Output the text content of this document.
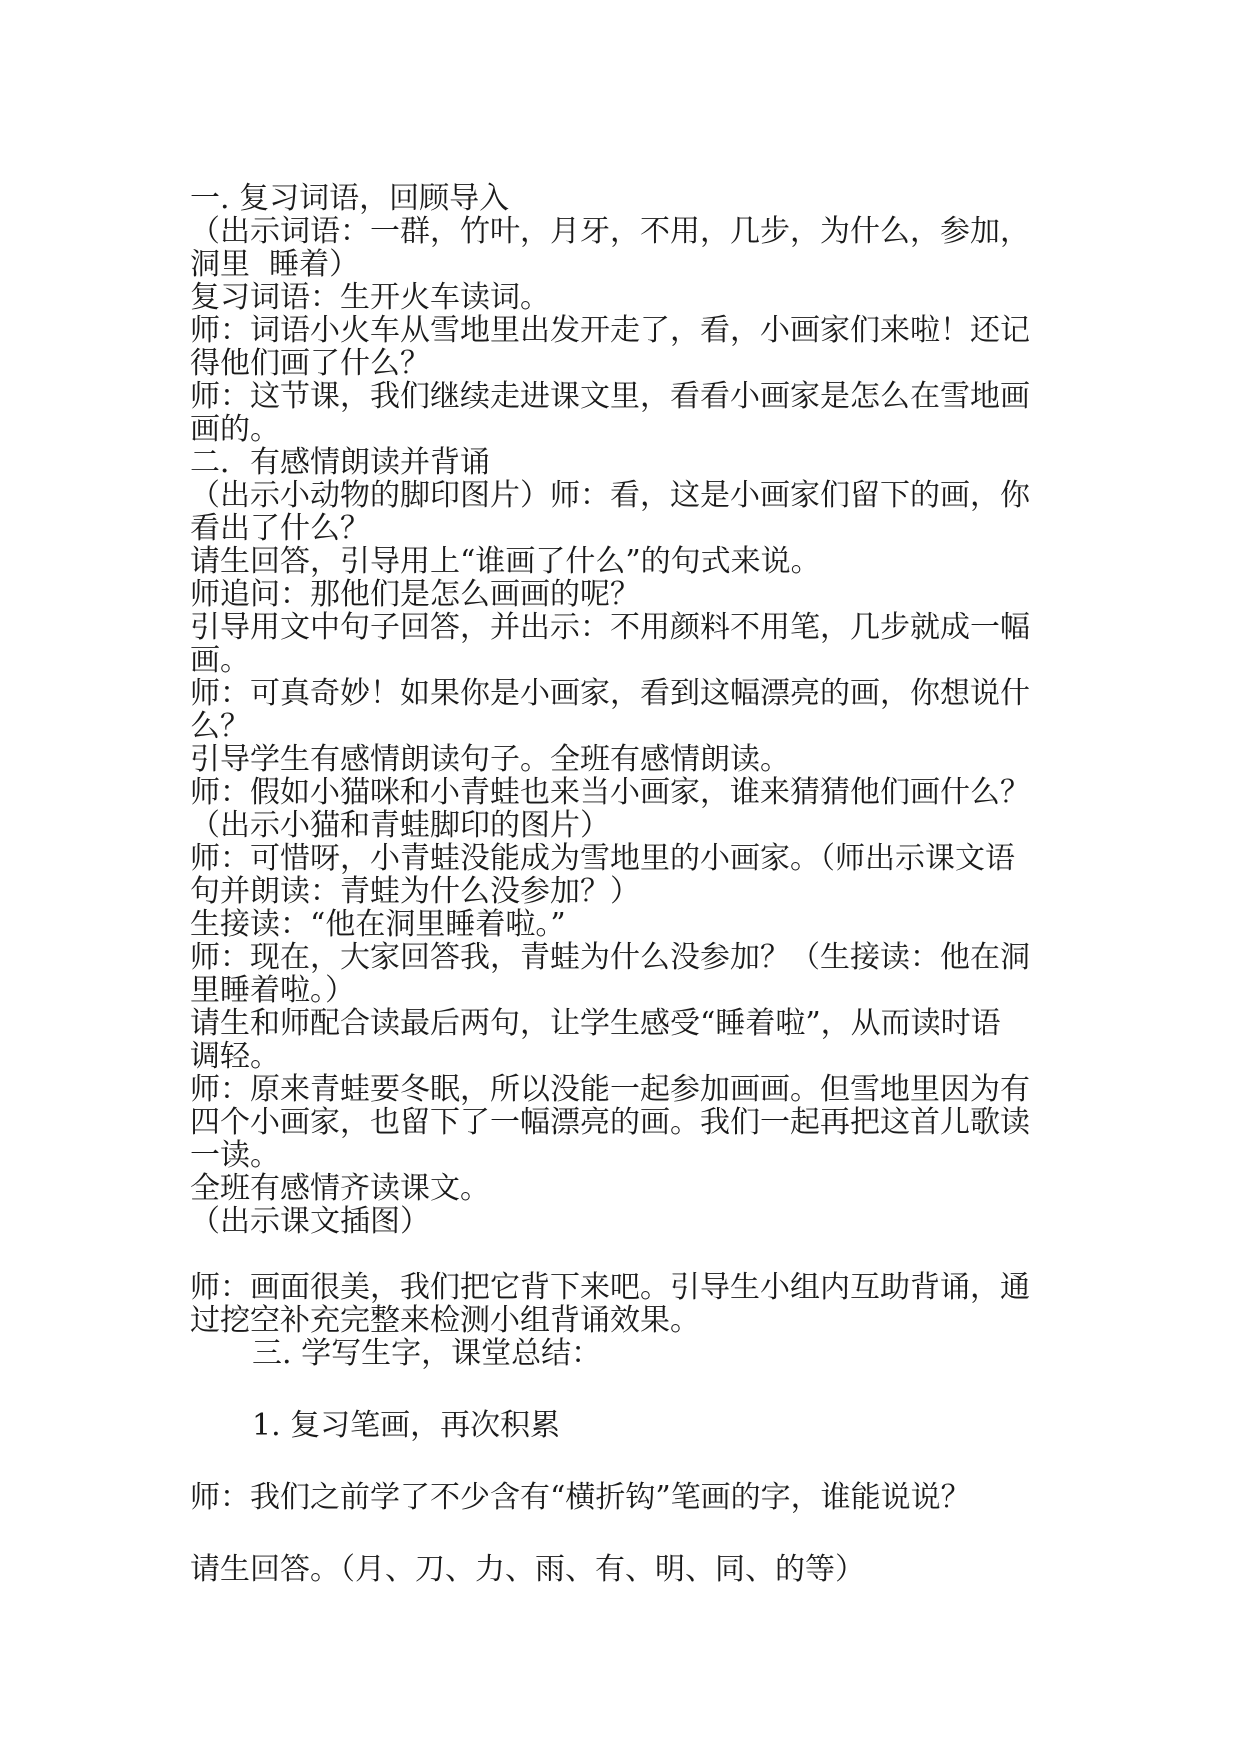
一. 复习词语，回顾导入

（出示词语：一群，竹叶，月牙，不用，几步，为什么，参加，

洞里  睡着）

复习词语：生开火车读词。

师：词语小火车从雪地里出发开走了，看，小画家们来啦！还记

得他们画了什么？

师：这节课，我们继续走进课文里，看看小画家是怎么在雪地画

画的。

二．有感情朗读并背诵

（出示小动物的脚印图片）师：看，这是小画家们留下的画，你

看出了什么？

请生回答，引导用上“谁画了什么”的句式来说。

师追问：那他们是怎么画画的呢？

引导用文中句子回答，并出示：不用颜料不用笔，几步就成一幅

画。

师：可真奇妙！如果你是小画家，看到这幅漂亮的画，你想说什

么？

引导学生有感情朗读句子。全班有感情朗读。

师：假如小猫咪和小青蛙也来当小画家，谁来猜猜他们画什么？

（出示小猫和青蛙脚印的图片）

师：可惜呀，小青蛙没能成为雪地里的小画家。（师出示课文语

句并朗读：青蛙为什么没参加？）

生接读：“他在洞里睡着啦。”

师：现在，大家回答我，青蛙为什么没参加？（生接读：他在洞

里睡着啦。）

请生和师配合读最后两句，让学生感受“睡着啦”，从而读时语

调轻。

师：原来青蛙要冬眠，所以没能一起参加画画。但雪地里因为有

四个小画家，也留下了一幅漂亮的画。我们一起再把这首儿歌读

一读。

全班有感情齐读课文。

（出示课文插图）

师：画面很美，我们把它背下来吧。引导生小组内互助背诵，通

过挖空补充完整来检测小组背诵效果。

三. 学写生字，课堂总结：

1. 复习笔画，再次积累

师：我们之前学了不少含有“横折钩”笔画的字，谁能说说？

请生回答。（月、刀、力、雨、有、明、同、的等）
